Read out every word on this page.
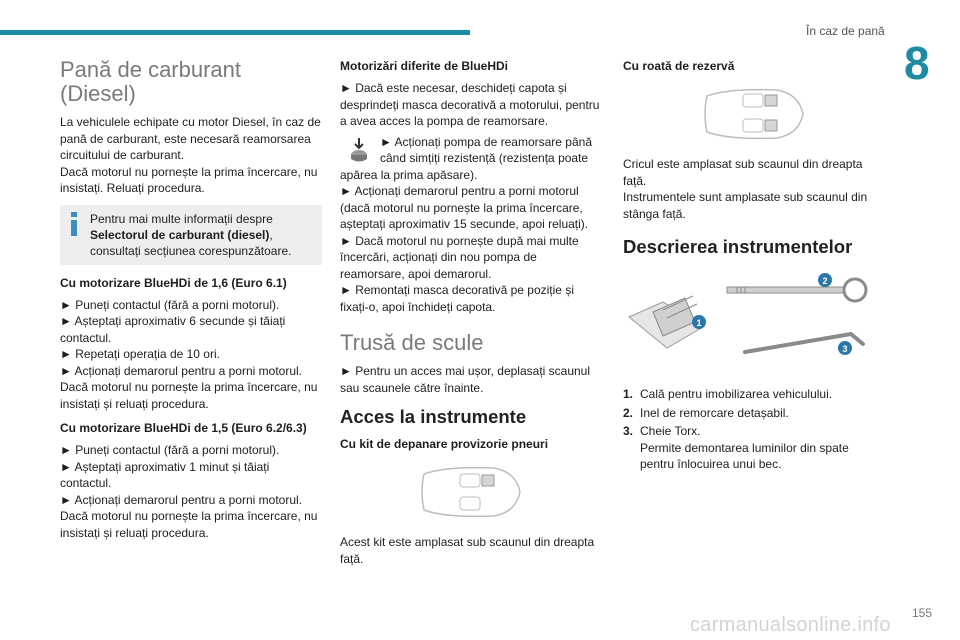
În caz de pană
8
Pană de carburant (Diesel)

La vehiculele echipate cu motor Diesel, în caz de pană de carburant, este necesară reamorsarea circuitului de carburant.
Dacă motorul nu pornește la prima încercare, nu insistați. Reluați procedura.

Pentru mai multe informații despre Selectorul de carburant (diesel), consultați secțiunea corespunzătoare.
Cu motorizare BlueHDi de 1,6 (Euro 6.1)

► Puneți contactul (fără a porni motorul).
► Așteptați aproximativ 6 secunde și tăiați contactul.
► Repetați operația de 10 ori.
► Acționați demarorul pentru a porni motorul.
Dacă motorul nu pornește la prima încercare, nu insistați și reluați procedura.

Cu motorizare BlueHDi de 1,5 (Euro 6.2/6.3)

► Puneți contactul (fără a porni motorul).
► Așteptați aproximativ 1 minut și tăiați contactul.
► Acționați demarorul pentru a porni motorul.
Dacă motorul nu pornește la prima încercare, nu insistați și reluați procedura.

Motorizări diferite de BlueHDi

► Dacă este necesar, deschideți capota și desprindeți masca decorativă a motorului, pentru a avea acces la pompa de reamorsare.

► Acționați pompa de reamorsare până când simțiți rezistență (rezistența poate apărea la prima apăsare).
► Acționați demarorul pentru a porni motorul (dacă motorul nu pornește la prima încercare, așteptați aproximativ 15 secunde, apoi reluați).
► Dacă motorul nu pornește după mai multe încercări, acționați din nou pompa de reamorsare, apoi demarorul.
► Remontați masca decorativă pe poziție și fixați-o, apoi închideți capota.

Trusă de scule

► Pentru un acces mai ușor, deplasați scaunul sau scaunele către înainte.

Acces la instrumente
Cu kit de depanare provizorie pneuri

Acest kit este amplasat sub scaunul din dreapta față.

Cu roată de rezervă

Cricul este amplasat sub scaunul din dreapta față.
Instrumentele sunt amplasate sub scaunul din stânga față.

Descrierea instrumentelor
1
2
3
1. Cală pentru imobilizarea vehiculului.
2. Inel de remorcare detașabil.
3. Cheie Torx.
Permite demontarea luminilor din spate pentru înlocuirea unui bec.
155
carmanualsonline.info
